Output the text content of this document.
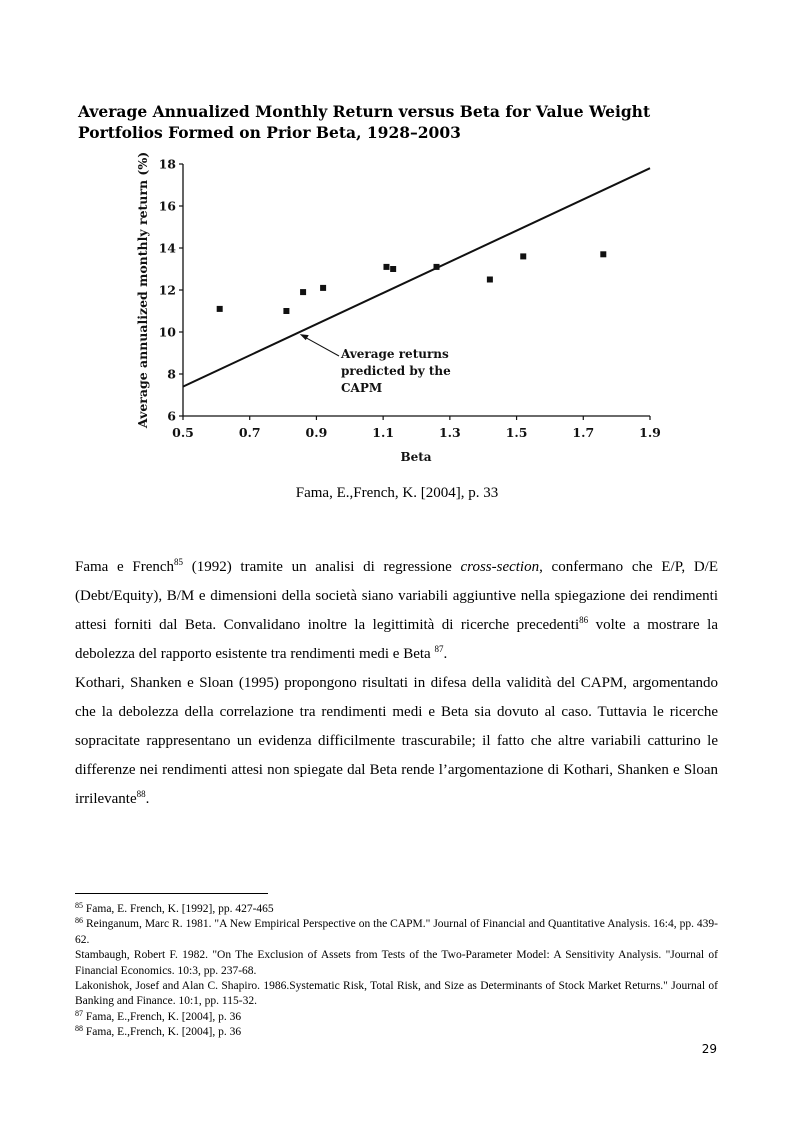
Average Annualized Monthly Return versus Beta for Value Weight Portfolios Formed on Prior Beta, 1928–2003
6
8
10
12
14
16
18
0.5	0.7	0.9	1.1	1.3	1.5	1.7	1.9
Average returns
predicted by the
CAPM
Average annualized monthly return (%)
Beta
Fama, E.,French, K. [2004], p. 33

Fama e French$^{85}$ (1992) tramite un analisi di regressione cross-section, confermano che E/P, D/E (Debt/Equity), B/M e dimensioni della società siano variabili aggiuntive nella spiegazione dei rendimenti attesi forniti dal Beta. Convalidano inoltre la legittimità di ricerche precedenti$^{86}$ volte a mostrare la debolezza del rapporto esistente tra rendimenti medi e Beta $^{87}$.

Kothari, Shanken e Sloan (1995) propongono risultati in difesa della validità del CAPM, argomentando che la debolezza della correlazione tra rendimenti medi e Beta sia dovuto al caso. Tuttavia le ricerche sopracitate rappresentano un evidenza difficilmente trascurabile; il fatto che altre variabili catturino le differenze nei rendimenti attesi non spiegate dal Beta rende l’argomentazione di Kothari, Shanken e Sloan irrilevante$^{88}$.

$^{85}$ Fama, E. French, K. [1992], pp. 427-465

$^{86}$ Reinganum, Marc R. 1981. "A New Empirical Perspective on the CAPM." Journal of Financial and Quantitative Analysis. 16:4, pp. 439-62.

Stambaugh, Robert F. 1982. "On The Exclusion of Assets from Tests of the Two-Parameter Model: A Sensitivity Analysis. "Journal of Financial Economics. 10:3, pp. 237-68.

Lakonishok, Josef and Alan C. Shapiro. 1986.Systematic Risk, Total Risk, and Size as Determinants of Stock Market Returns." Journal of Banking and Finance. 10:1, pp. 115-32.

$^{87}$ Fama, E.,French, K. [2004], p. 36

$^{88}$ Fama, E.,French, K. [2004], p. 36

29
